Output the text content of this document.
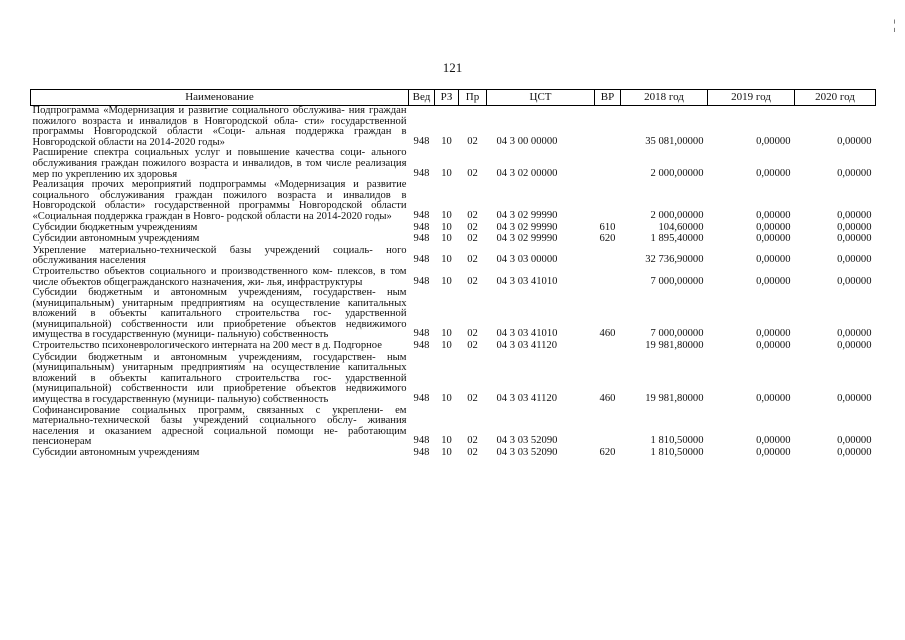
¦
121
Наименование	Вед	РЗ	Пр	ЦСТ	ВР	2018 год	2019 год	2020 год
Подпрограмма «Модернизация и развитие социального обслужива- ния граждан пожилого возраста и инвалидов в Новгородской обла- сти» государственной программы Новгородской области «Соци- альная поддержка граждан в Новгородской области на 2014-2020 годы»	948	10	02	04 3 00 00000		35 081,00000	0,00000	0,00000
Расширение спектра социальных услуг и повышение качества соци- ального обслуживания граждан пожилого возраста и инвалидов, в том числе реализация мер по укреплению их здоровья	948	10	02	04 3 02 00000		2 000,00000	0,00000	0,00000
Реализация прочих мероприятий подпрограммы «Модернизация и развитие социального обслуживания граждан пожилого возраста и инвалидов в Новгородской области» государственной программы Новгородской области «Социальная поддержка граждан в Новго- родской области на 2014-2020 годы»	948	10	02	04 3 02 99990		2 000,00000	0,00000	0,00000
Субсидии бюджетным учреждениям	948	10	02	04 3 02 99990	610	104,60000	0,00000	0,00000
Субсидии автономным учреждениям	948	10	02	04 3 02 99990	620	1 895,40000	0,00000	0,00000
Укрепление материально-технической базы учреждений социаль- ного обслуживания населения	948	10	02	04 3 03 00000		32 736,90000	0,00000	0,00000
Строительство объектов социального и производственного ком- плексов, в том числе объектов общегражданского назначения, жи- лья, инфраструктуры	948	10	02	04 3 03 41010		7 000,00000	0,00000	0,00000
Субсидии бюджетным и автономным учреждениям, государствен- ным (муниципальным) унитарным предприятиям на осуществление капитальных вложений в объекты капитального строительства гос- ударственной (муниципальной) собственности или приобретение объектов недвижимого имущества в государственную (муници- пальную) собственность	948	10	02	04 3 03 41010	460	7 000,00000	0,00000	0,00000
Строительство психоневрологического интерната на 200 мест в д. Подгорное	948	10	02	04 3 03 41120		19 981,80000	0,00000	0,00000
Субсидии бюджетным и автономным учреждениям, государствен- ным (муниципальным) унитарным предприятиям на осуществление капитальных вложений в объекты капитального строительства гос- ударственной (муниципальной) собственности или приобретение объектов недвижимого имущества в государственную (муници- пальную) собственность	948	10	02	04 3 03 41120	460	19 981,80000	0,00000	0,00000
Софинансирование социальных программ, связанных с укреплени- ем материально-технической базы учреждений социального обслу- живания населения и оказанием адресной социальной помощи не- работающим пенсионерам	948	10	02	04 3 03 52090		1 810,50000	0,00000	0,00000
Субсидии автономным учреждениям	948	10	02	04 3 03 52090	620	1 810,50000	0,00000	0,00000
